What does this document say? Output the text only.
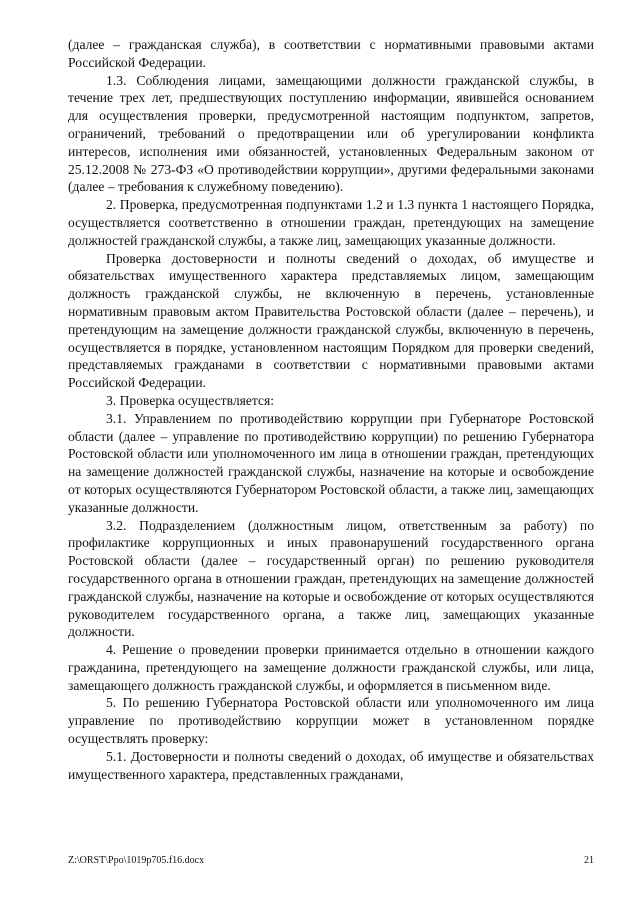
(далее – гражданская служба), в соответствии с нормативными правовыми актами Российской Федерации.

1.3. Соблюдения лицами, замещающими должности гражданской службы, в течение трех лет, предшествующих поступлению информации, явившейся основанием для осуществления проверки, предусмотренной настоящим подпунктом, запретов, ограничений, требований о предотвращении или об урегулировании конфликта интересов, исполнения ими обязанностей, установленных Федеральным законом от 25.12.2008 № 273-ФЗ «О противодействии коррупции», другими федеральными законами (далее – требования к служебному поведению).

2. Проверка, предусмотренная подпунктами 1.2 и 1.3 пункта 1 настоящего Порядка, осуществляется соответственно в отношении граждан, претендующих на замещение должностей гражданской службы, а также лиц, замещающих указанные должности.

Проверка достоверности и полноты сведений о доходах, об имуществе и обязательствах имущественного характера представляемых лицом, замещающим должность гражданской службы, не включенную в перечень, установленные нормативным правовым актом Правительства Ростовской области (далее – перечень), и претендующим на замещение должности гражданской службы, включенную в перечень, осуществляется в порядке, установленном настоящим Порядком для проверки сведений, представляемых гражданами в соответствии с нормативными правовыми актами Российской Федерации.

3. Проверка осуществляется:

3.1. Управлением по противодействию коррупции при Губернаторе Ростовской области (далее – управление по противодействию коррупции) по решению Губернатора Ростовской области или уполномоченного им лица в отношении граждан, претендующих на замещение должностей гражданской службы, назначение на которые и освобождение от которых осуществляются Губернатором Ростовской области, а также лиц, замещающих указанные должности.

3.2. Подразделением (должностным лицом, ответственным за работу) по профилактике коррупционных и иных правонарушений государственного органа Ростовской области (далее – государственный орган) по решению руководителя государственного органа в отношении граждан, претендующих на замещение должностей гражданской службы, назначение на которые и освобождение от которых осуществляются руководителем государственного органа, а также лиц, замещающих указанные должности.

4. Решение о проведении проверки принимается отдельно в отношении каждого гражданина, претендующего на замещение должности гражданской службы, или лица, замещающего должность гражданской службы, и оформляется в письменном виде.

5. По решению Губернатора Ростовской области или уполномоченного им лица управление по противодействию коррупции может в установленном порядке осуществлять проверку:

5.1. Достоверности и полноты сведений о доходах, об имуществе и обязательствах имущественного характера, представленных гражданами,

Z:\ORST\Ppo\1019p705.f16.docx	21
